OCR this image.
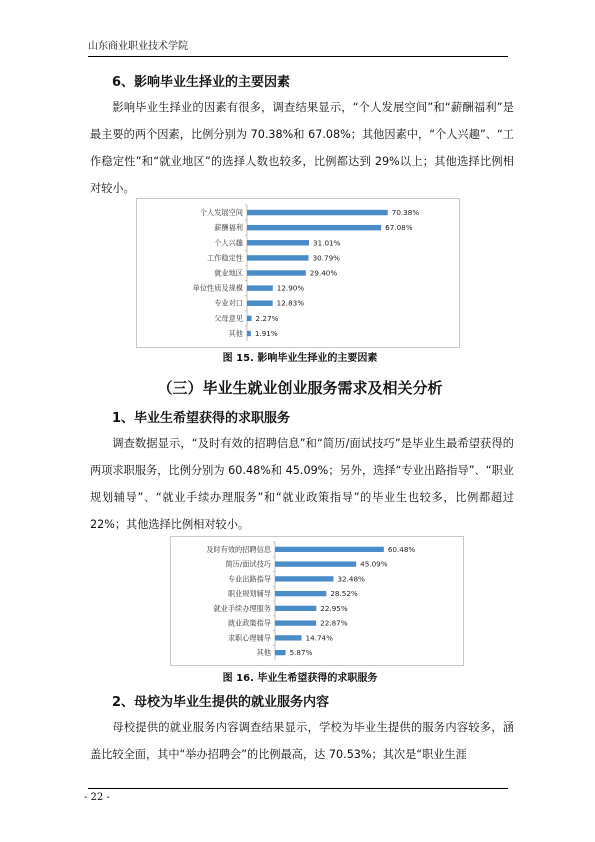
山东商业职业技术学院
6、影响毕业生择业的主要因素

影响毕业生择业的因素有很多，调查结果显示，“个人发展空间”和“薪酬福利”是最主要的两个因素，比例分别为 70.38%和 67.08%；其他因素中，“个人兴趣”、“工作稳定性”和“就业地区”的选择人数也较多，比例都达到 29%以上；其他选择比例相对较小。

个人发展空间	70.38%
薪酬福利	67.08%
个人兴趣	31.01%
工作稳定性	30.79%
就业地区	29.40%
单位性质及规模	12.90%
专业对口	12.83%
父母意见 2.27%
其他 1.91%
图 15. 影响毕业生择业的主要因素
（三）毕业生就业创业服务需求及相关分析
1、毕业生希望获得的求职服务

调查数据显示，“及时有效的招聘信息”和“简历/面试技巧”是毕业生最希望获得的两项求职服务，比例分别为 60.48%和 45.09%；另外，选择“专业出路指导”、“职业规划辅导”、“就业手续办理服务”和“就业政策指导”的毕业生也较多，比例都超过 22%；其他选择比例相对较小。

及时有效的招聘信息	60.48%
简历/面试技巧	45.09%
专业出路指导	32.48%
职业规划辅导	28.52%
就业手续办理服务	22.95%
就业政策指导	22.87%
求职心理辅导	14.74%
其他	5.87%
图 16. 毕业生希望获得的求职服务
2、母校为毕业生提供的就业服务内容

母校提供的就业服务内容调查结果显示，学校为毕业生提供的服务内容较多，涵盖比较全面，其中“举办招聘会”的比例最高，达 70.53%；其次是“职业生涯

- 22 -
